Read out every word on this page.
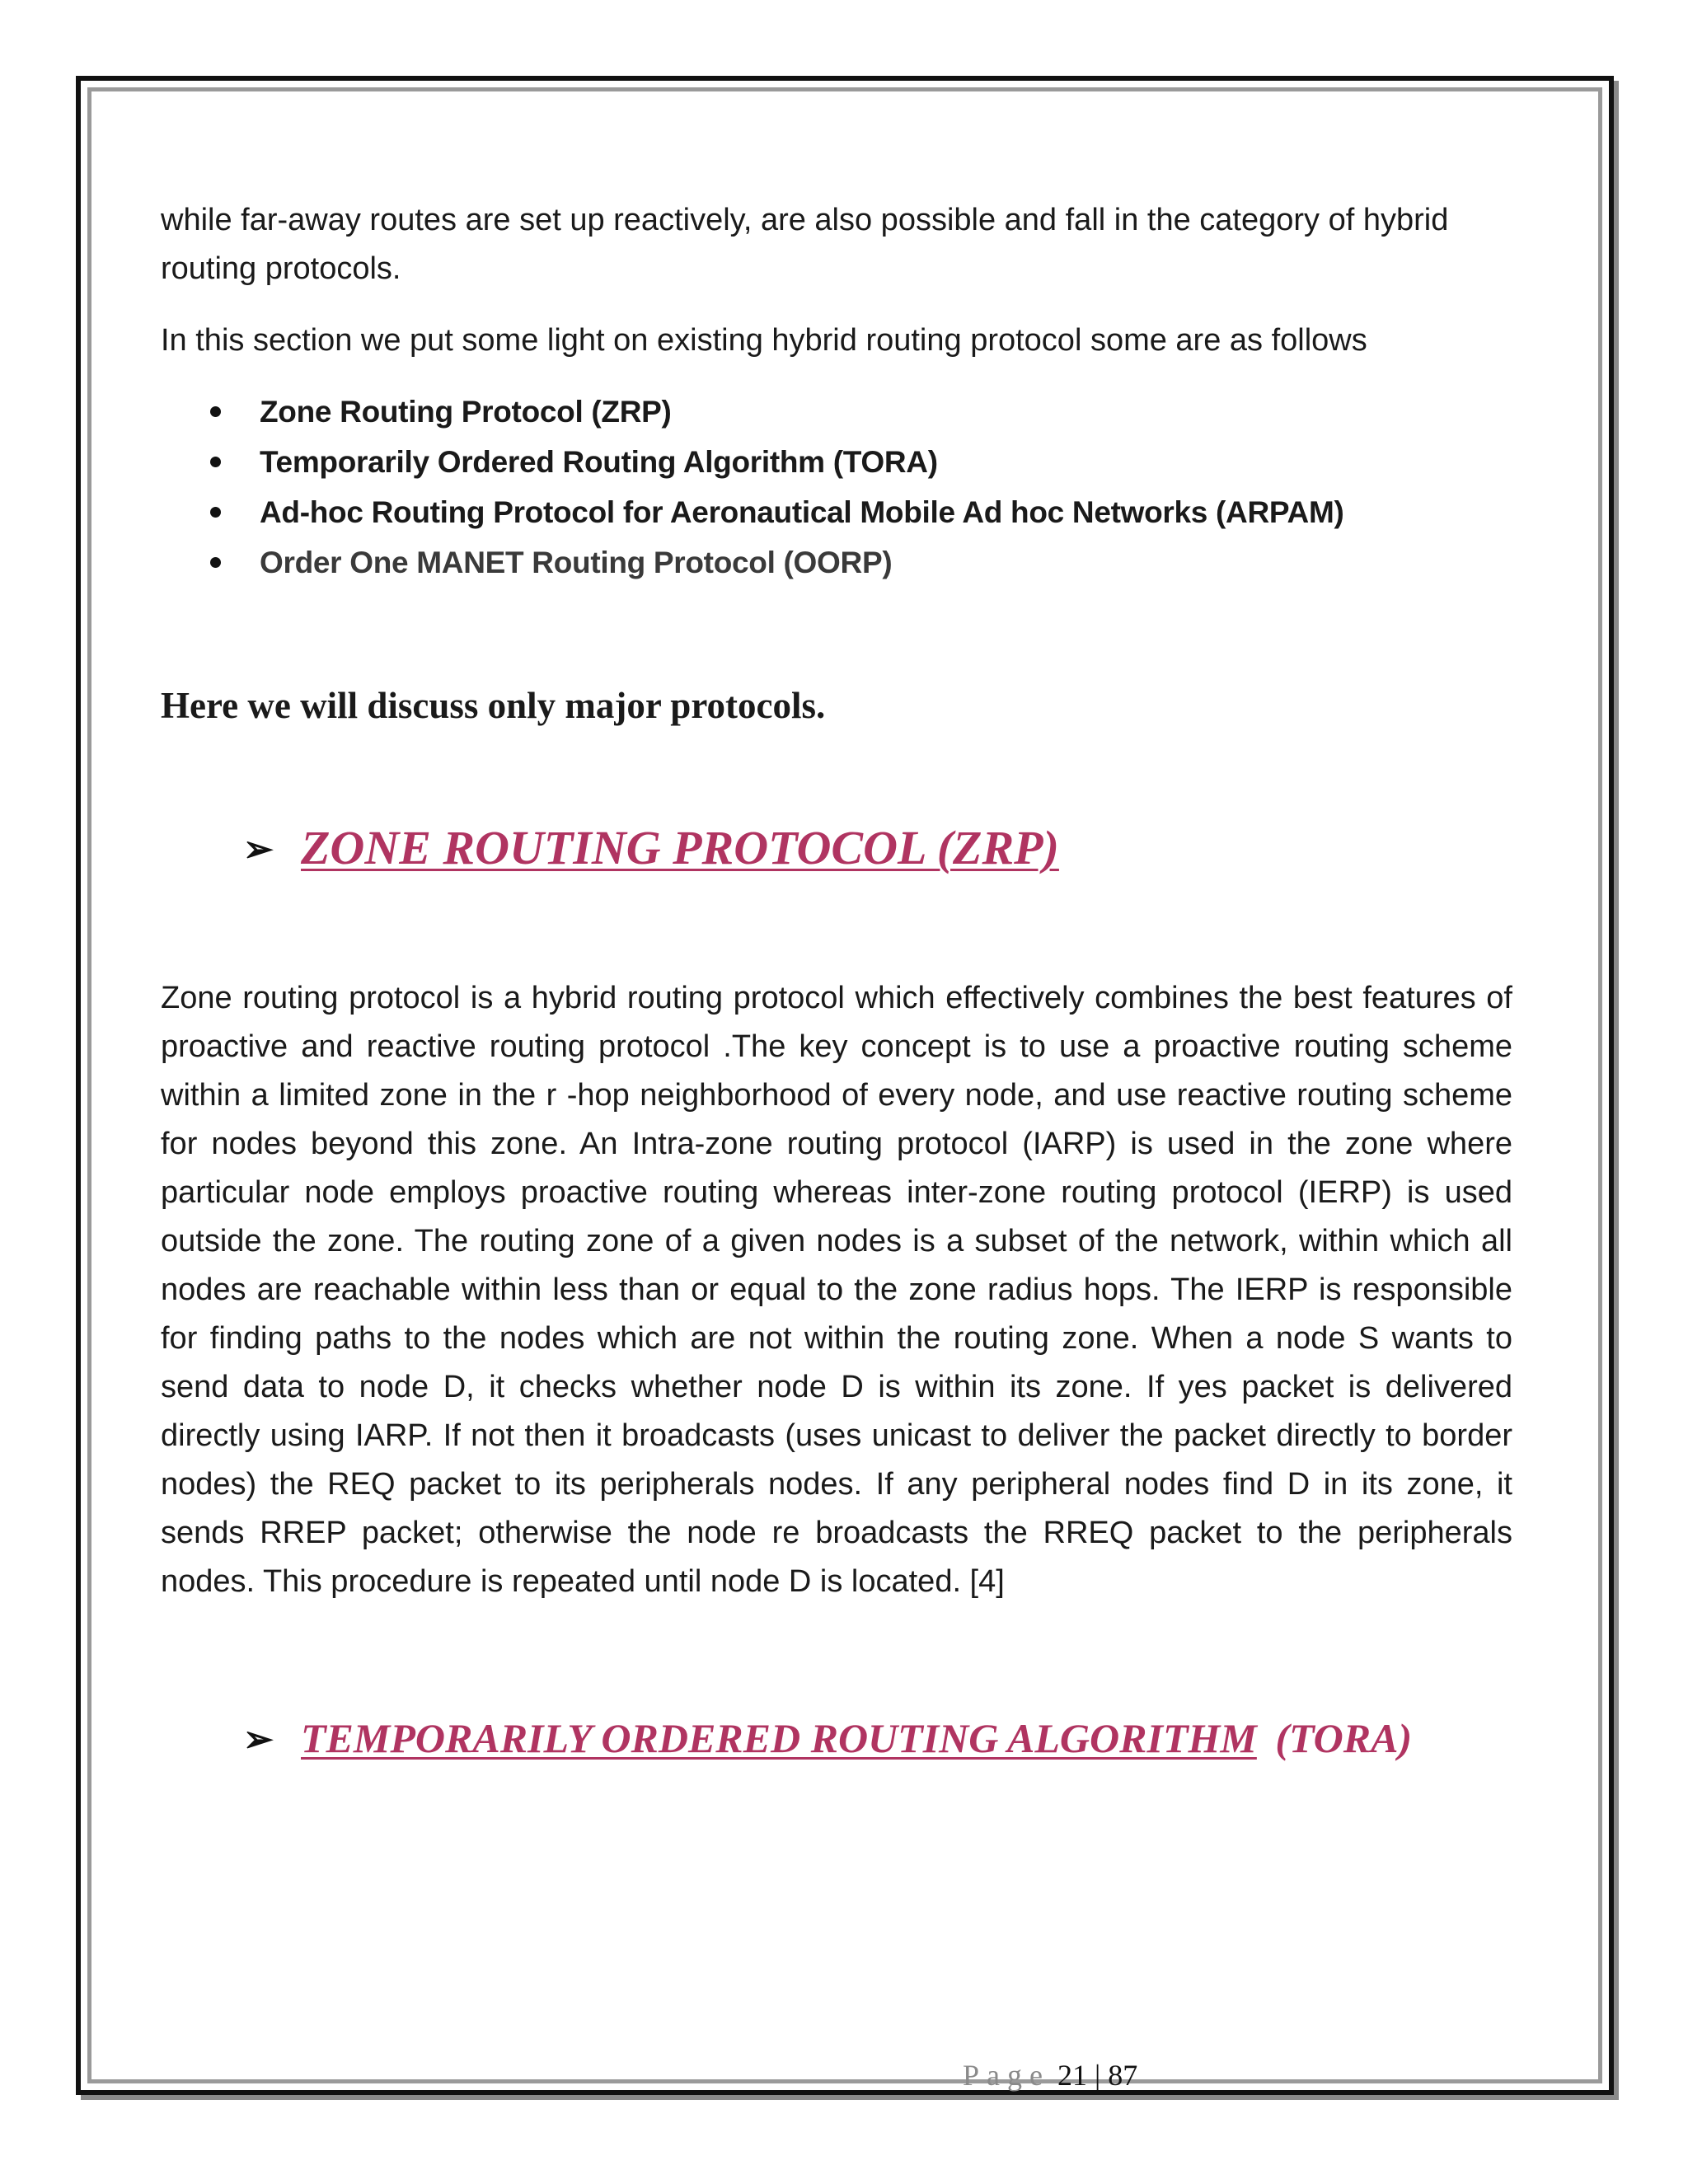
while far-away routes are set up reactively, are also possible and fall in the category of hybrid routing protocols.

In this section we put some light on existing hybrid routing protocol some are as follows

Zone Routing Protocol (ZRP)
Temporarily Ordered Routing Algorithm (TORA)
Ad-hoc Routing Protocol for Aeronautical Mobile Ad hoc Networks (ARPAM)
Order One MANET Routing Protocol (OORP)

Here we will discuss only major protocols.

➢ ZONE ROUTING PROTOCOL (ZRP)

Zone routing protocol is a hybrid routing protocol which effectively combines the best features of proactive and reactive routing protocol .The key concept is to use a proactive routing scheme within a limited zone in the r -hop neighborhood of every node, and use reactive routing scheme for nodes beyond this zone. An Intra-zone routing protocol (IARP) is used in the zone where particular node employs proactive routing whereas inter-zone routing protocol (IERP) is used outside the zone. The routing zone of a given nodes is a subset of the network, within which all nodes are reachable within less than or equal to the zone radius hops. The IERP is responsible for finding paths to the nodes which are not within the routing zone. When a node S wants to send data to node D, it checks whether node D is within its zone. If yes packet is delivered directly using IARP. If not then it broadcasts (uses unicast to deliver the packet directly to border nodes) the REQ packet to its peripherals nodes. If any peripheral nodes find D in its zone, it sends RREP packet; otherwise the node re broadcasts the RREQ packet to the peripherals nodes. This procedure is repeated until node D is located. [4]

➢ TEMPORARILY ORDERED ROUTING ALGORITHM (TORA)
Page 21 | 87
